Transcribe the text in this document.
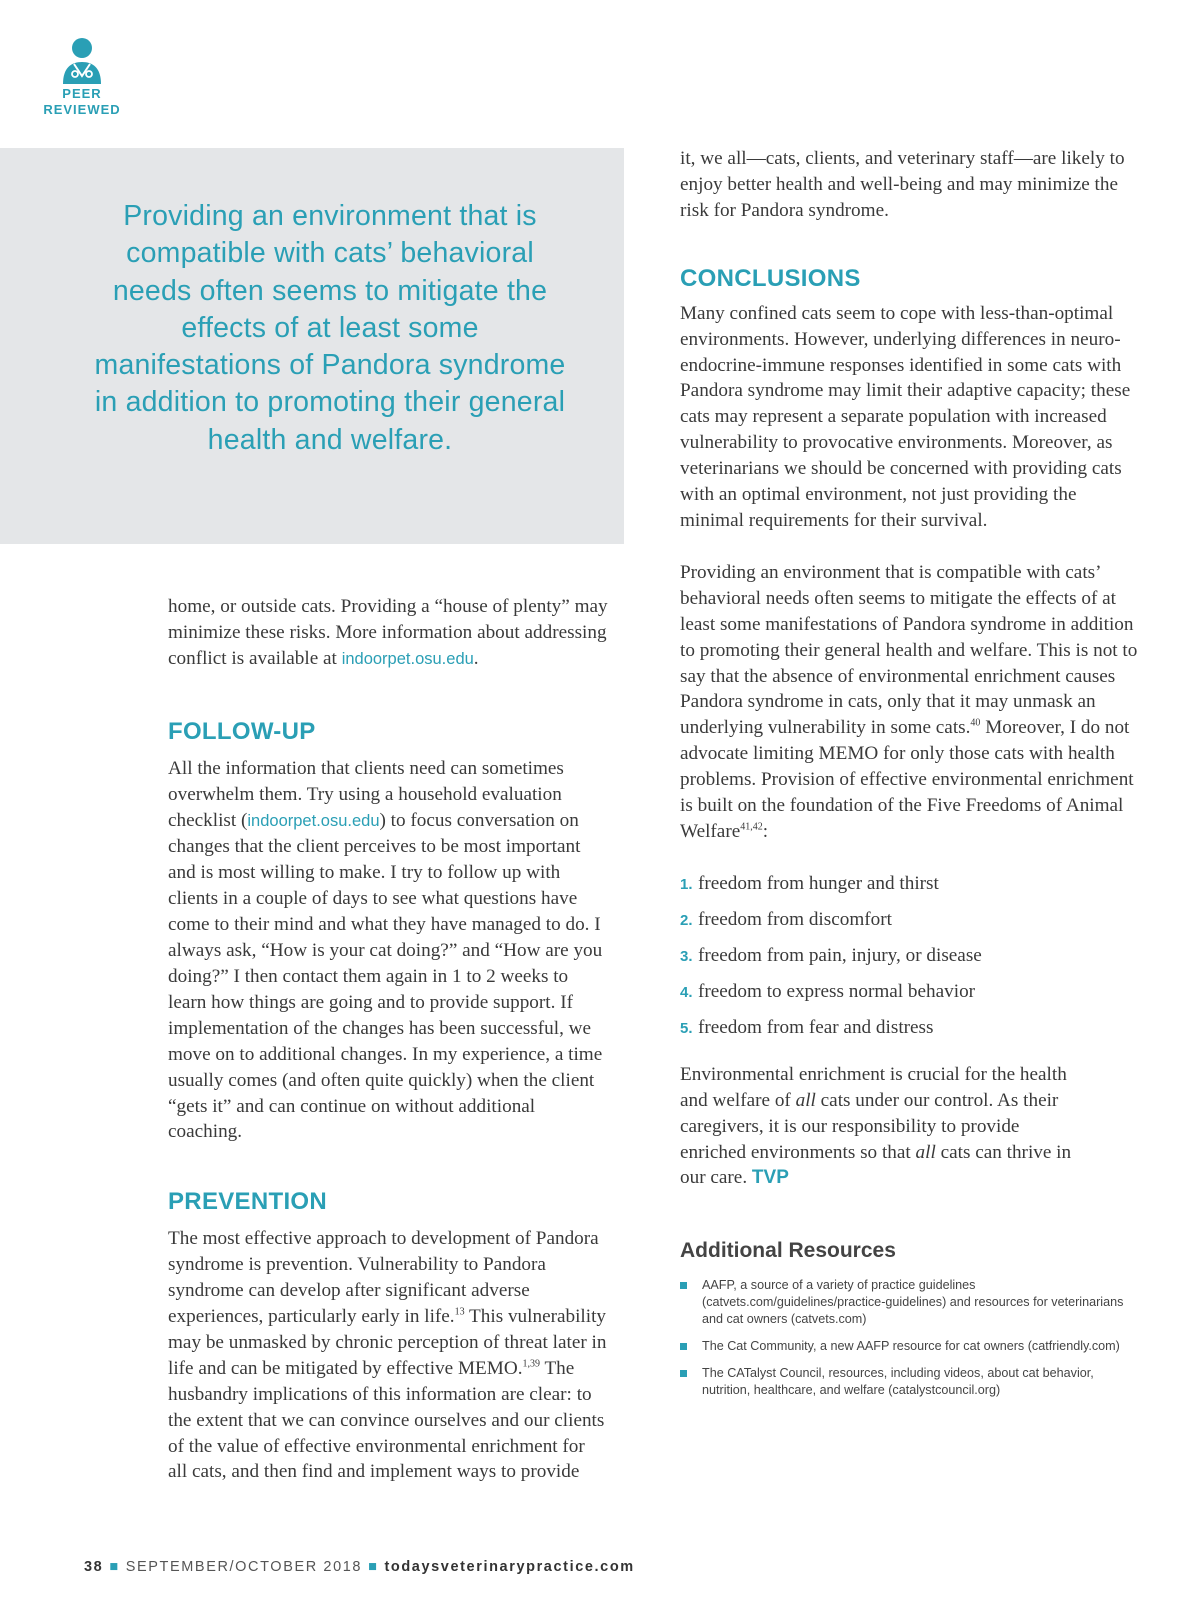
PEER
REVIEWED
Providing an environment that is compatible with cats’ behavioral needs often seems to mitigate the effects of at least some manifestations of Pandora syndrome in addition to promoting their general health and welfare.

home, or outside cats. Providing a “house of plenty” may minimize these risks. More information about addressing conflict is available at indoorpet.osu.edu.

FOLLOW-UP

All the information that clients need can sometimes overwhelm them. Try using a household evaluation checklist (indoorpet.osu.edu) to focus conversation on changes that the client perceives to be most important and is most willing to make. I try to follow up with clients in a couple of days to see what questions have come to their mind and what they have managed to do. I always ask, “How is your cat doing?” and “How are you doing?” I then contact them again in 1 to 2 weeks to learn how things are going and to provide support. If implementation of the changes has been successful, we move on to additional changes. In my experience, a time usually comes (and often quite quickly) when the client “gets it” and can continue on without additional coaching.

PREVENTION

The most effective approach to development of Pandora syndrome is prevention. Vulnerability to Pandora syndrome can develop after significant adverse experiences, particularly early in life.$^{13}$ This vulnerability may be unmasked by chronic perception of threat later in life and can be mitigated by effective MEMO.$^{1,39}$ The husbandry implications of this information are clear: to the extent that we can convince ourselves and our clients of the value of effective environmental enrichment for all cats, and then find and implement ways to provide

it, we all—cats, clients, and veterinary staff—are likely to enjoy better health and well-being and may minimize the risk for Pandora syndrome.

CONCLUSIONS

Many confined cats seem to cope with less-than-optimal environments. However, underlying differences in neuro-endocrine-immune responses identified in some cats with Pandora syndrome may limit their adaptive capacity; these cats may represent a separate population with increased vulnerability to provocative environments. Moreover, as veterinarians we should be concerned with providing cats with an optimal environment, not just providing the minimal requirements for their survival.

Providing an environment that is compatible with cats’ behavioral needs often seems to mitigate the effects of at least some manifestations of Pandora syndrome in addition to promoting their general health and welfare. This is not to say that the absence of environmental enrichment causes Pandora syndrome in cats, only that it may unmask an underlying vulnerability in some cats.$^{40}$ Moreover, I do not advocate limiting MEMO for only those cats with health problems. Provision of effective environmental enrichment is built on the foundation of the Five Freedoms of Animal Welfare$^{41,42}$:

1. freedom from hunger and thirst
2. freedom from discomfort
3. freedom from pain, injury, or disease
4. freedom to express normal behavior
5. freedom from fear and distress

Environmental enrichment is crucial for the health and welfare of all cats under our control. As their caregivers, it is our responsibility to provide enriched environments so that all cats can thrive in our care. TVP

Additional Resources
AAFP, a source of a variety of practice guidelines (catvets.com/guidelines/practice-guidelines) and resources for veterinarians and cat owners (catvets.com)
The Cat Community, a new AAFP resource for cat owners (catfriendly.com)
The CATalyst Council, resources, including videos, about cat behavior, nutrition, healthcare, and welfare (catalystcouncil.org)
38 ■ SEPTEMBER/OCTOBER 2018 ■ todaysveterinarypractice.com
